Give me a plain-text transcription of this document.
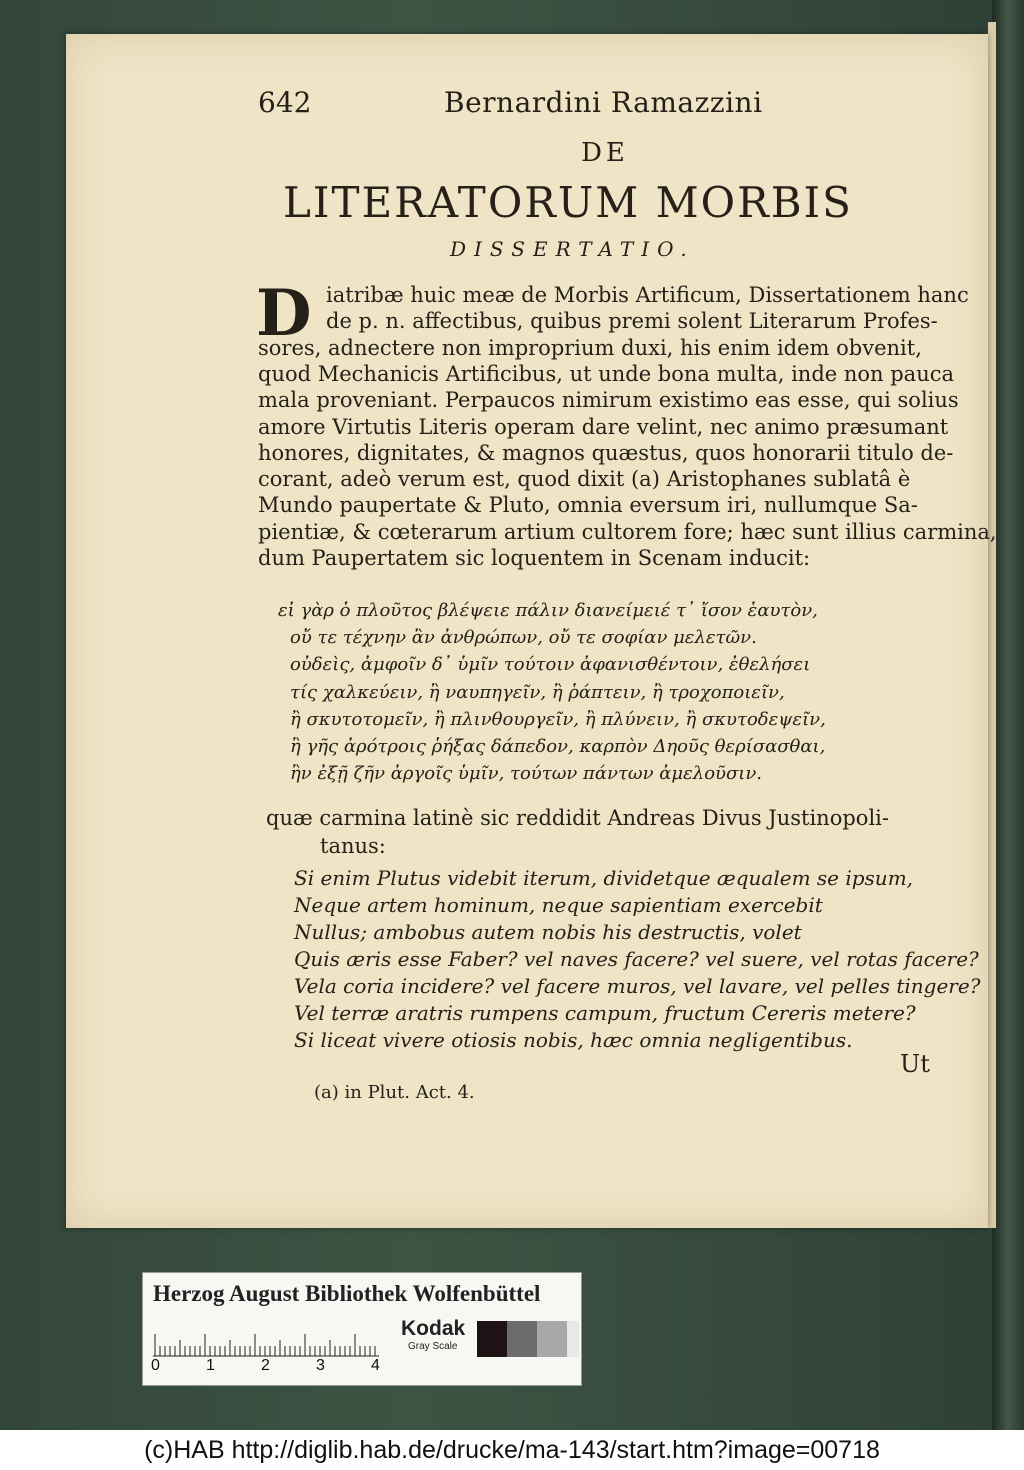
642	Bernardini Ramazzini
DE
LITERATORUM MORBIS
DISSERTATIO.
D iatribæ huic meæ de Morbis Artificum, Dissertationem hanc
de p. n. affectibus, quibus premi solent Literarum Profes-
sores, adnectere non improprium duxi, his enim idem obvenit,
quod Mechanicis Artificibus, ut unde bona multa, inde non pauca
mala proveniant. Perpaucos nimirum existimo eas esse, qui solius
amore Virtutis Literis operam dare velint, nec animo præsumant
honores, dignitates, & magnos quæstus, quos honorarii titulo de-
corant, adeò verum est, quod dixit (a) Aristophanes sublatâ è
Mundo paupertate & Pluto, omnia eversum iri, nullumque Sa-
pientiæ, & cœterarum artium cultorem fore; hæc sunt illius carmina,
dum Paupertatem sic loquentem in Scenam inducit:
εἰ γὰρ ὁ πλοῦτος βλέψειε πάλιν διανείμειέ τ᾽ ἴσον ἑαυτὸν,
οὔ τε τέχνην ἂν ἀνθρώπων, οὔ τε σοφίαν μελετῶν.
οὐδεὶς, ἀμφοῖν δ᾽ ὑμῖν τούτοιν ἀφανισθέντοιν, ἐθελήσει
τίς χαλκεύειν, ἢ ναυπηγεῖν, ἢ ῥάπτειν, ἢ τροχοποιεῖν,
ἢ σκυτοτομεῖν, ἢ πλινθουργεῖν, ἢ πλύνειν, ἢ σκυτοδεψεῖν,
ἢ γῆς ἀρότροις ῥήξας δάπεδον, καρπὸν Δηοῦς θερίσασθαι,
ἢν ἐξῇ ζῆν ἀργοῖς ὑμῖν, τούτων πάντων ἀμελοῦσιν.
quæ carmina latinè sic reddidit Andreas Divus Justinopoli-
tanus:
Si enim Plutus videbit iterum, dividetque æqualem se ipsum,
Neque artem hominum, neque sapientiam exercebit
Nullus; ambobus autem nobis his destructis, volet
Quis æris esse Faber? vel naves facere? vel suere, vel rotas facere?
Vela coria incidere? vel facere muros, vel lavare, vel pelles tingere?
Vel terræ aratris rumpens campum, fructum Cereris metere?
Si liceat vivere otiosis nobis, hæc omnia negligentibus.
Ut
(a) in Plut. Act. 4.
Herzog August Bibliothek Wolfenbüttel
0	1	2	3	4
Kodak
Gray Scale
(c)HAB http://diglib.hab.de/drucke/ma-143/start.htm?image=00718
